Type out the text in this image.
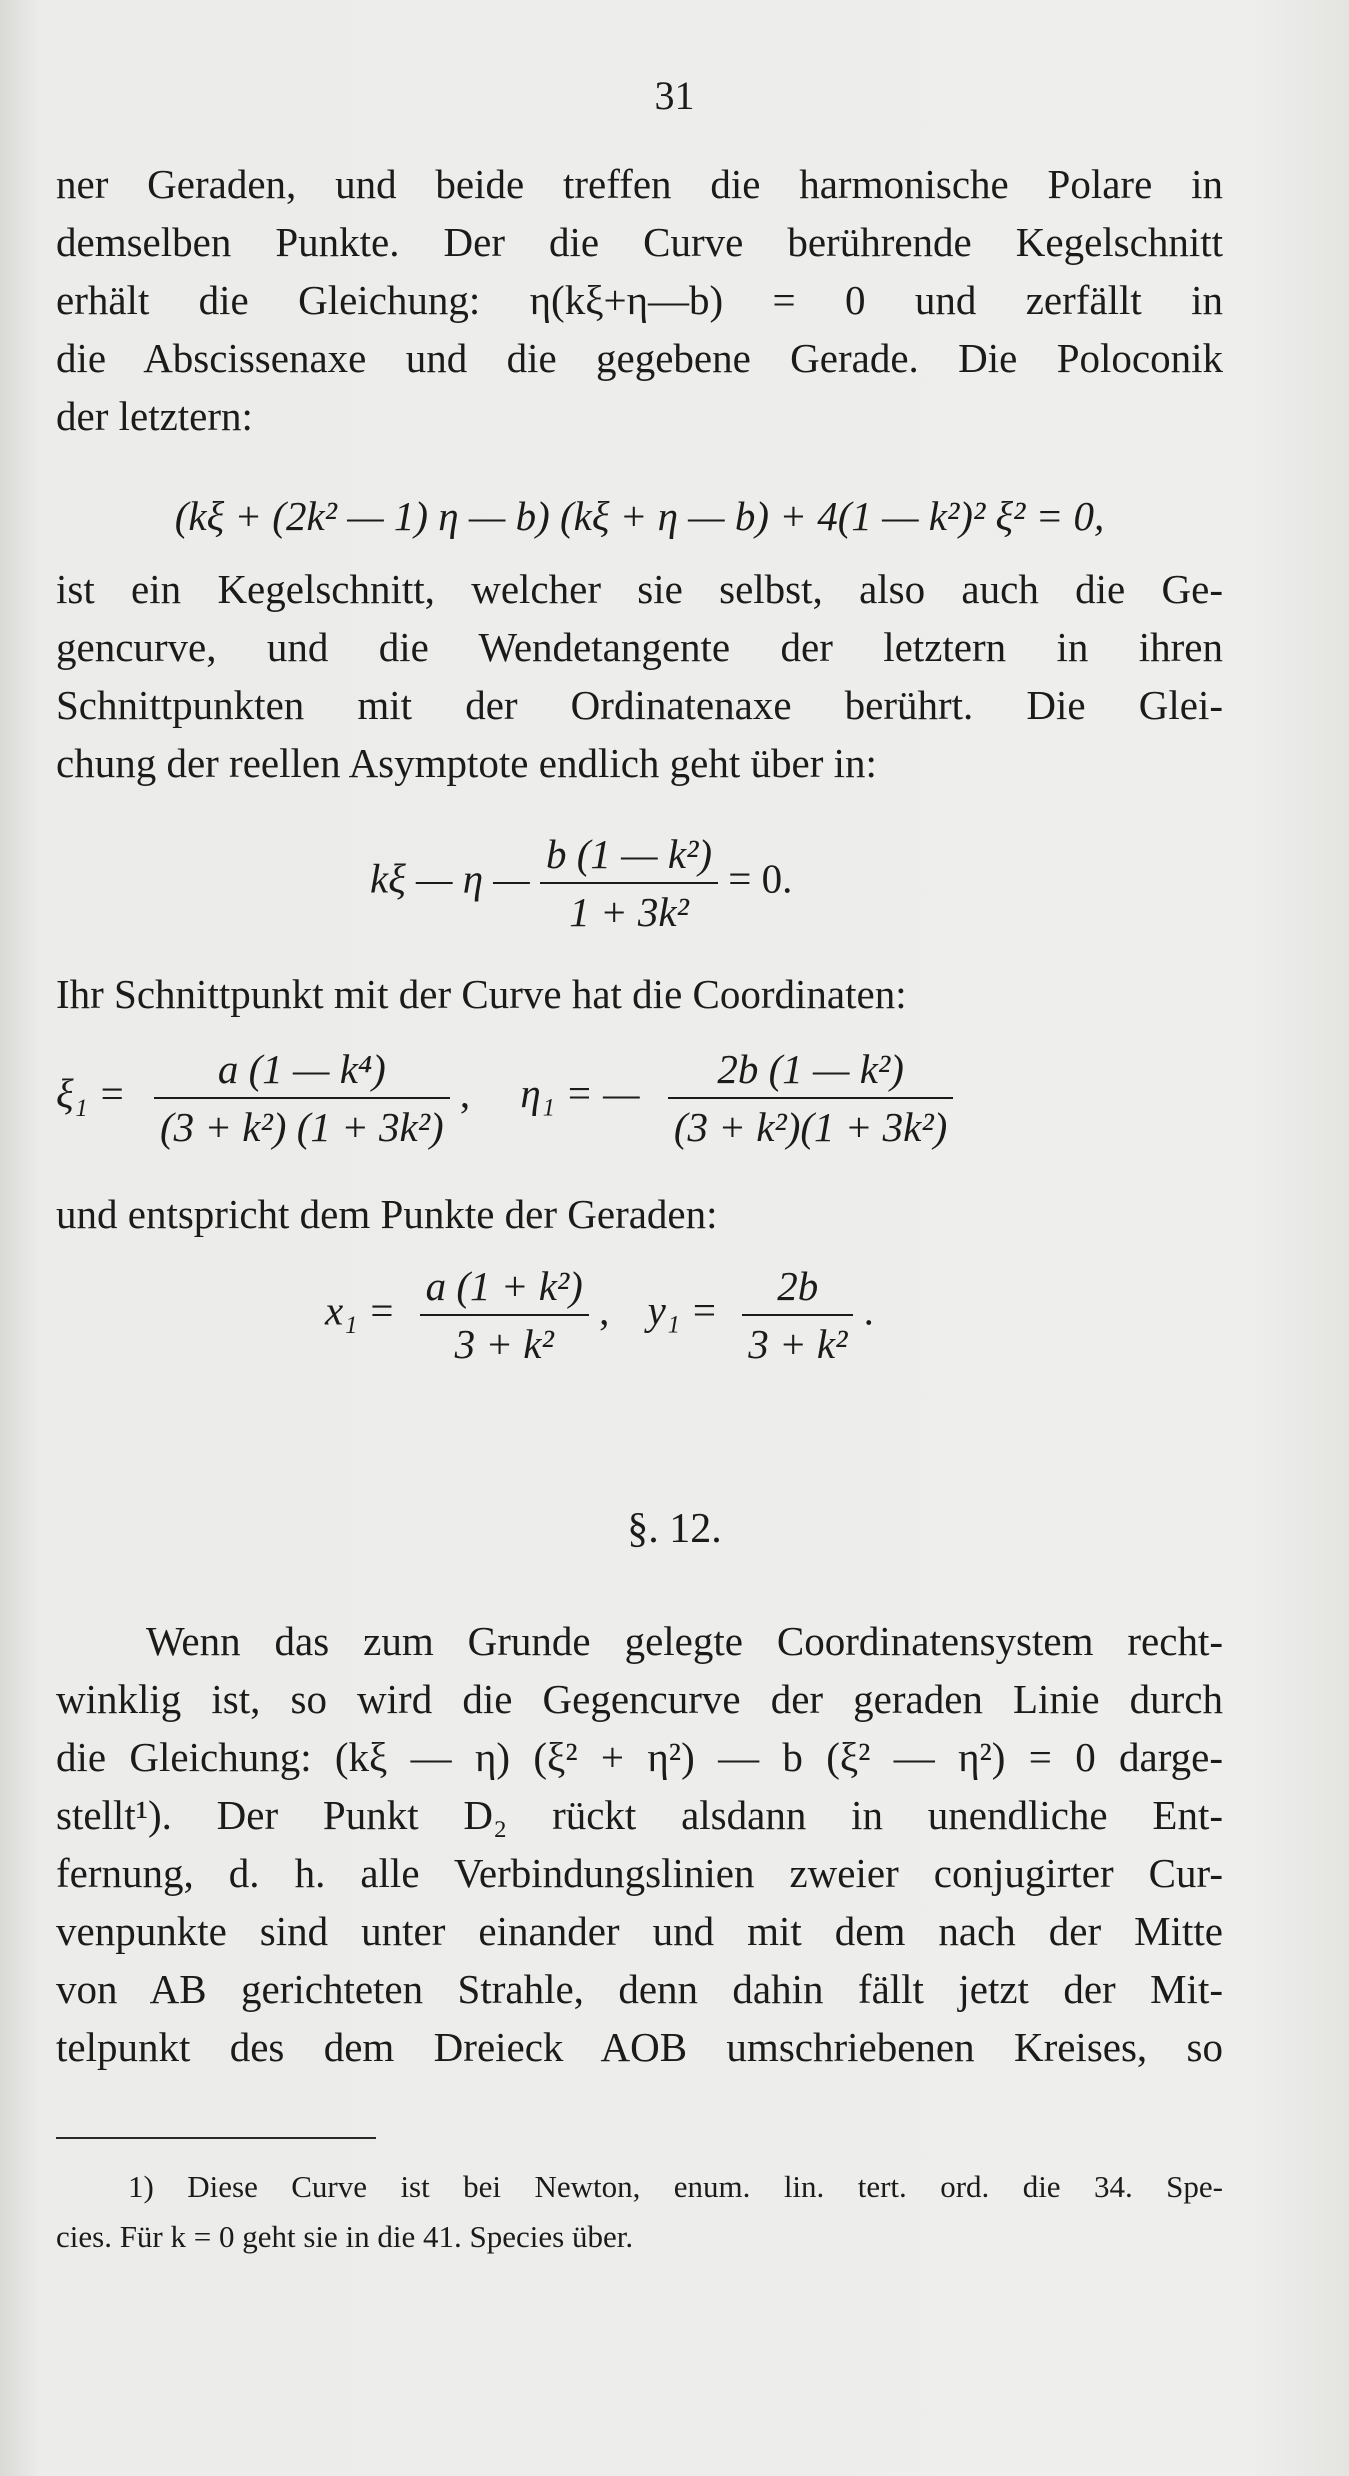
31
ner Geraden, und beide treffen die harmonische Polare in
demselben Punkte. Der die Curve berührende Kegelschnitt
erhält die Gleichung: η(kξ+η—b) = 0 und zerfällt in
die Abscissenaxe und die gegebene Gerade. Die Poloconik
der letztern:
(kξ + (2k² — 1) η — b) (kξ + η — b) + 4(1 — k²)² ξ² = 0,
ist ein Kegelschnitt, welcher sie selbst, also auch die Ge-
gencurve, und die Wendetangente der letztern in ihren
Schnittpunkten mit der Ordinatenaxe berührt. Die Glei-
chung der reellen Asymptote endlich geht über in:
kξ — η — $\frac{\text{b (1 — k²)}}{\text{1 + 3k²}} = 0$.
Ihr Schnittpunkt mit der Curve hat die Coordinaten:
$\xi_1 = \frac{\text{a (1 — k⁴)}}{\text{(3 + k²) (1 + 3k²)}}$ , η₁ = — $\frac{\text{2b (1 — k²)}}{\text{(3 + k²)(1 + 3k²)}}$
und entspricht dem Punkte der Geraden:
$x_1 = \frac{\text{a (1 + k²)}}{\text{3 + k²}}$ , $y_1 = \frac{2b}{\text{3 + k²}}$ .
§. 12.
Wenn das zum Grunde gelegte Coordinatensystem recht-
winklig ist, so wird die Gegencurve der geraden Linie durch
die Gleichung: (kξ — η) (ξ² + η²) — b (ξ² — η²) = 0 darge-
stellt¹). Der Punkt D₂ rückt alsdann in unendliche Ent-
fernung, d. h. alle Verbindungslinien zweier conjugirter Cur-
venpunkte sind unter einander und mit dem nach der Mitte
von AB gerichteten Strahle, denn dahin fällt jetzt der Mit-
telpunkt des dem Dreieck AOB umschriebenen Kreises, so
1) Diese Curve ist bei Newton, enum. lin. tert. ord. die 34. Spe-
cies. Für k = 0 geht sie in die 41. Species über.
